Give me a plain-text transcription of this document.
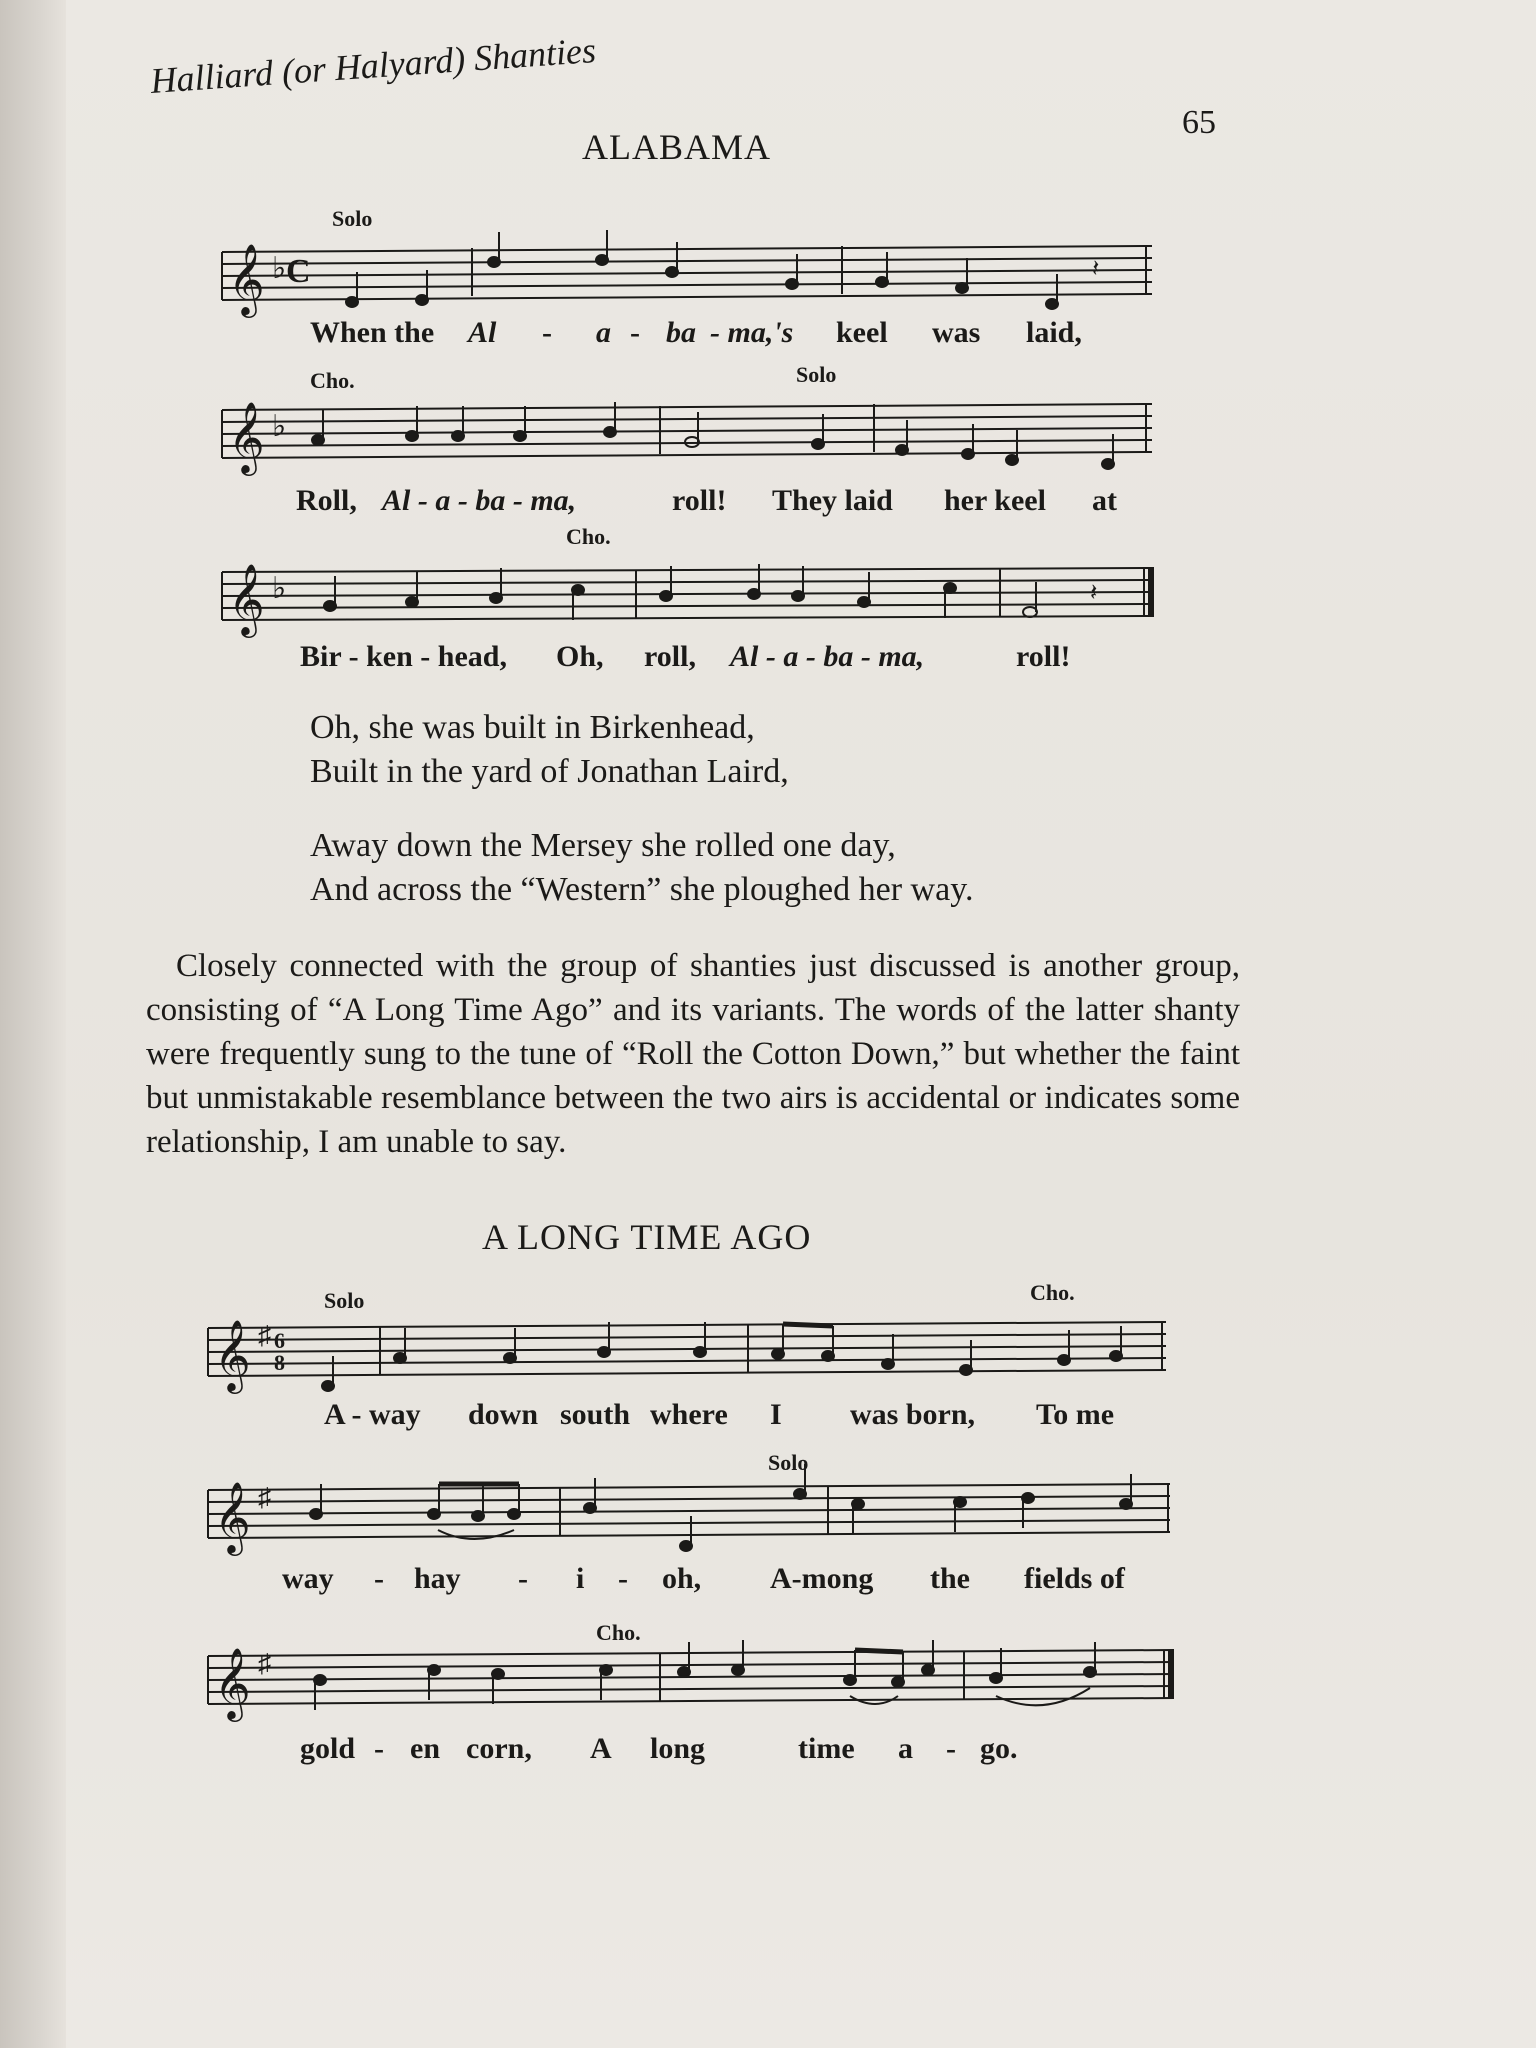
Halliard (or Halyard) Shanties
65
ALABAMA
Solo
𝄞 ♭ C	𝄽
When the Al - a - ba - ma,'s keel was laid,
Cho.	Solo
𝄞 ♭
Roll, Al - a - ba - ma,	roll! They laid her keel at
Cho.
𝄞 ♭	𝄽
Bir - ken - head, Oh, roll, Al - a - ba - ma,	roll!
Oh, she was built in Birkenhead,
Built in the yard of Jonathan Laird,
Away down the Mersey she rolled one day,
And across the “Western” she ploughed her way.
Closely connected with the group of shanties just discussed is another group, consisting of “A Long Time Ago” and its variants. The words of the latter shanty were frequently sung to the tune of “Roll the Cotton Down,” but whether the faint but unmistakable resemblance between the two airs is accidental or indicates some relationship, I am unable to say.
A LONG TIME AGO
Solo	Cho.
𝄞 ♯ 6
8
A - way down south where I was born, To me
Solo
𝄞 ♯
way - hay - i - oh, A-mong the fields of
Cho.
𝄞 ♯
gold - en corn, A long	time a - go.
